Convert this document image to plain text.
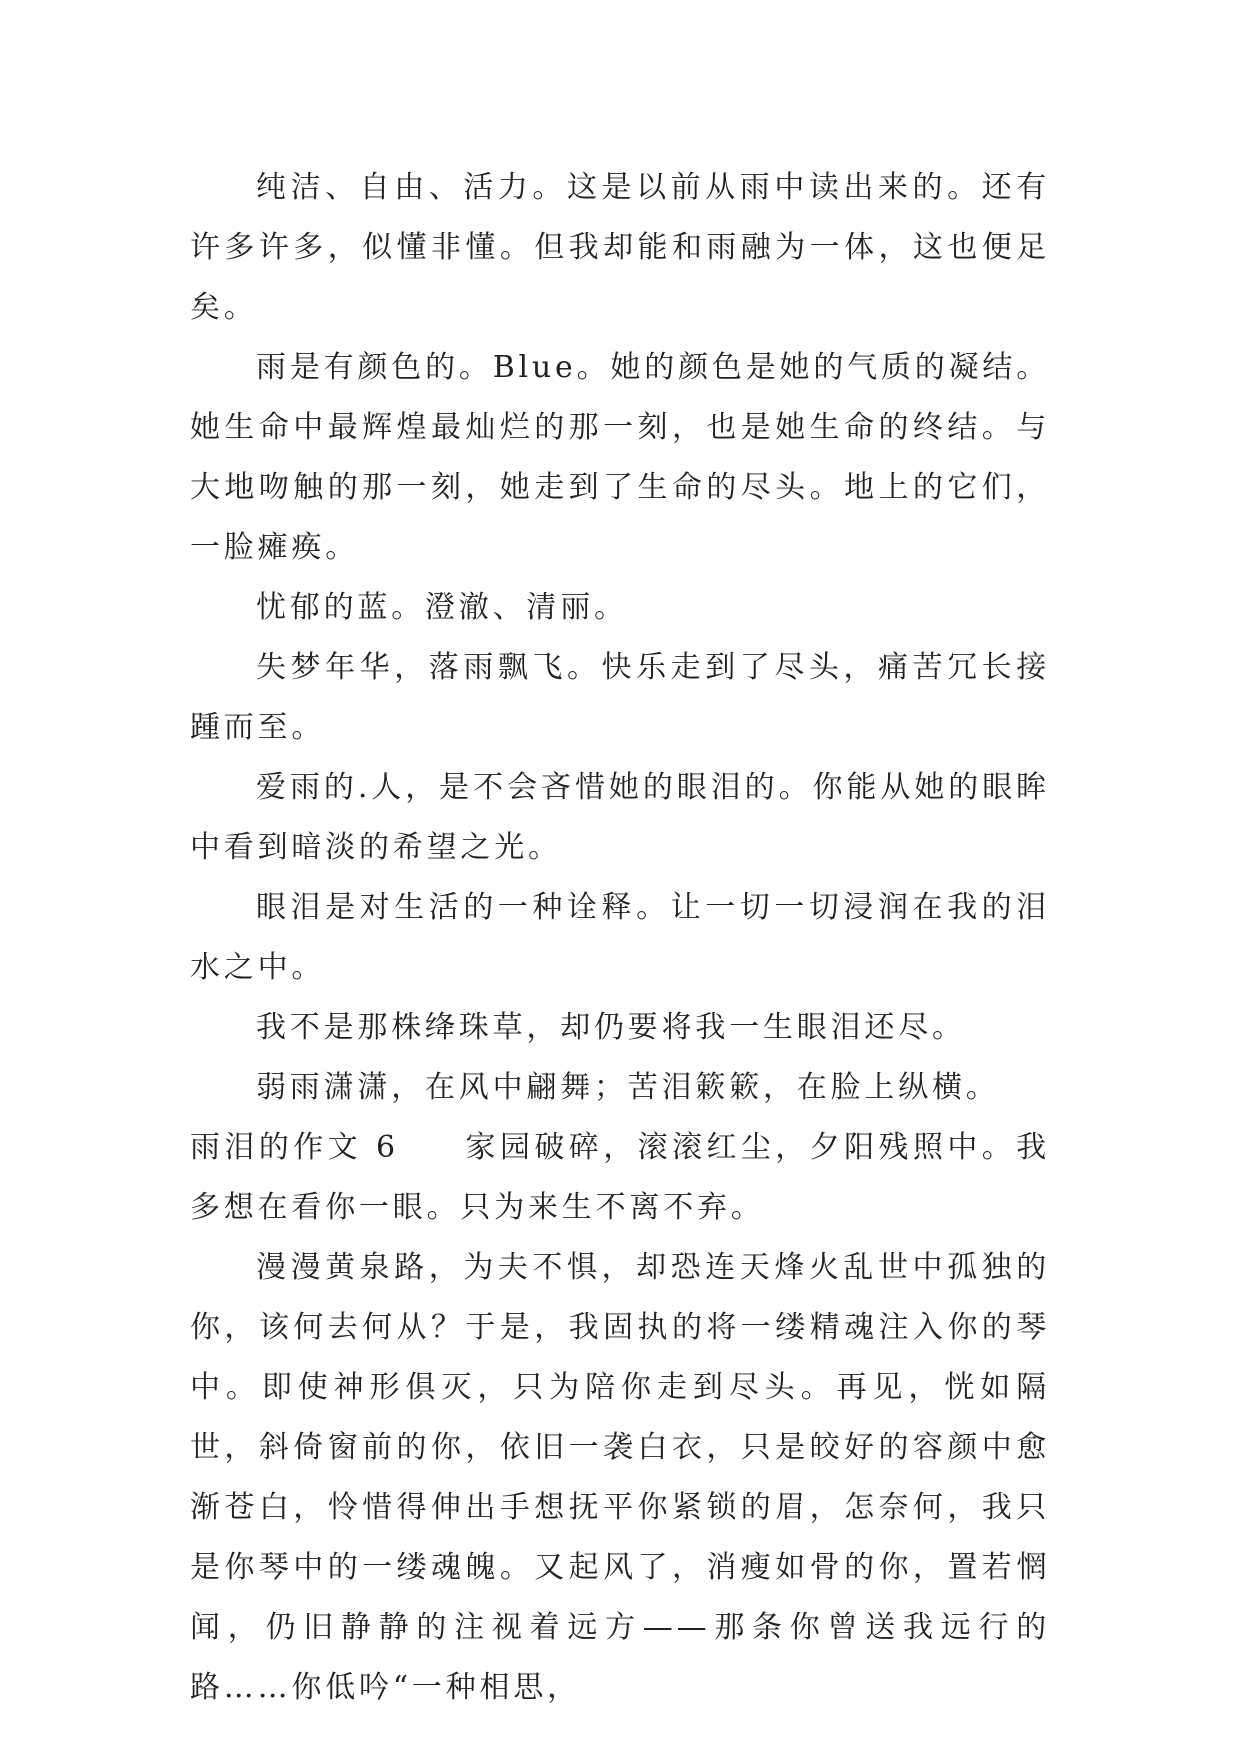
纯洁、自由、活力。这是以前从雨中读出来的。还有许多许多，似懂非懂。但我却能和雨融为一体，这也便足矣。

雨是有颜色的。Blue。她的颜色是她的气质的凝结。她生命中最辉煌最灿烂的那一刻，也是她生命的终结。与大地吻触的那一刻，她走到了生命的尽头。地上的它们，一脸瘫痪。

忧郁的蓝。澄澈、清丽。

失梦年华，落雨飘飞。快乐走到了尽头，痛苦冗长接踵而至。

爱雨的.人，是不会吝惜她的眼泪的。你能从她的眼眸中看到暗淡的希望之光。

眼泪是对生活的一种诠释。让一切一切浸润在我的泪水之中。

我不是那株绛珠草，却仍要将我一生眼泪还尽。

弱雨潇潇，在风中翩舞；苦泪簌簌，在脸上纵横。

雨泪的作文 6 家园破碎，滚滚红尘，夕阳残照中。我多想在看你一眼。只为来生不离不弃。

漫漫黄泉路，为夫不惧，却恐连天烽火乱世中孤独的你，该何去何从？于是，我固执的将一缕精魂注入你的琴中。即使神形俱灭，只为陪你走到尽头。再见，恍如隔世，斜倚窗前的你，依旧一袭白衣，只是皎好的容颜中愈渐苍白，怜惜得伸出手想抚平你紧锁的眉，怎奈何，我只是你琴中的一缕魂魄。又起风了，消瘦如骨的你，置若惘闻，仍旧静静的注视着远方——那条你曾送我远行的路……你低吟“一种相思，
